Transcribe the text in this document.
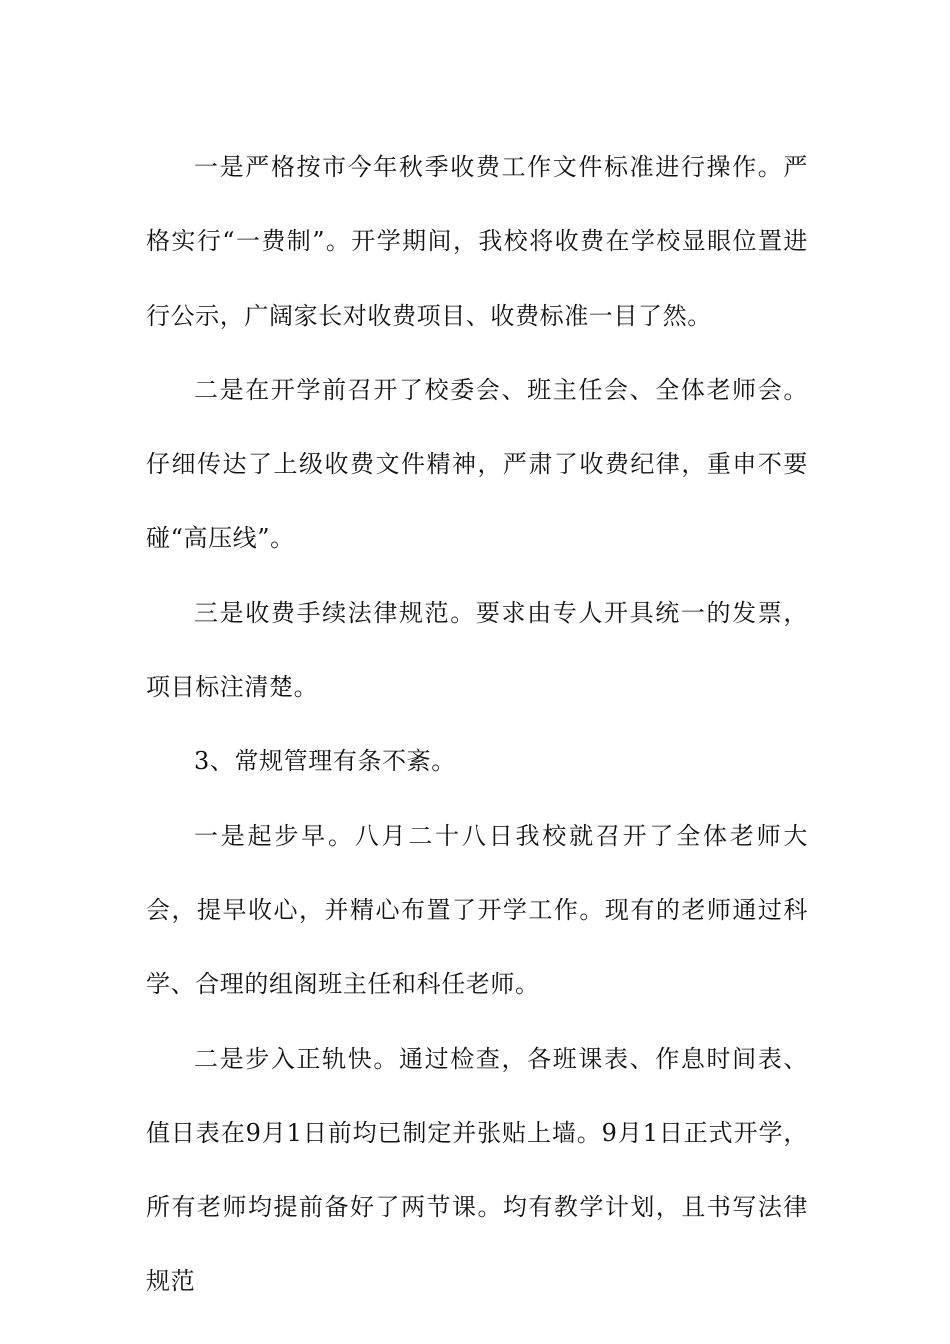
一是严格按市今年秋季收费工作文件标准进行操作。严格实行“一费制”。开学期间，我校将收费在学校显眼位置进行公示，广阔家长对收费项目、收费标准一目了然。

二是在开学前召开了校委会、班主任会、全体老师会。仔细传达了上级收费文件精神，严肃了收费纪律，重申不要碰“高压线”。

三是收费手续法律规范。要求由专人开具统一的发票，项目标注清楚。

3、常规管理有条不紊。

一是起步早。八月二十八日我校就召开了全体老师大会，提早收心，并精心布置了开学工作。现有的老师通过科学、合理的组阁班主任和科任老师。

二是步入正轨快。通过检查，各班课表、作息时间表、值日表在9月1日前均已制定并张贴上墙。9月1日正式开学，所有老师均提前备好了两节课。均有教学计划，且书写法律规范
